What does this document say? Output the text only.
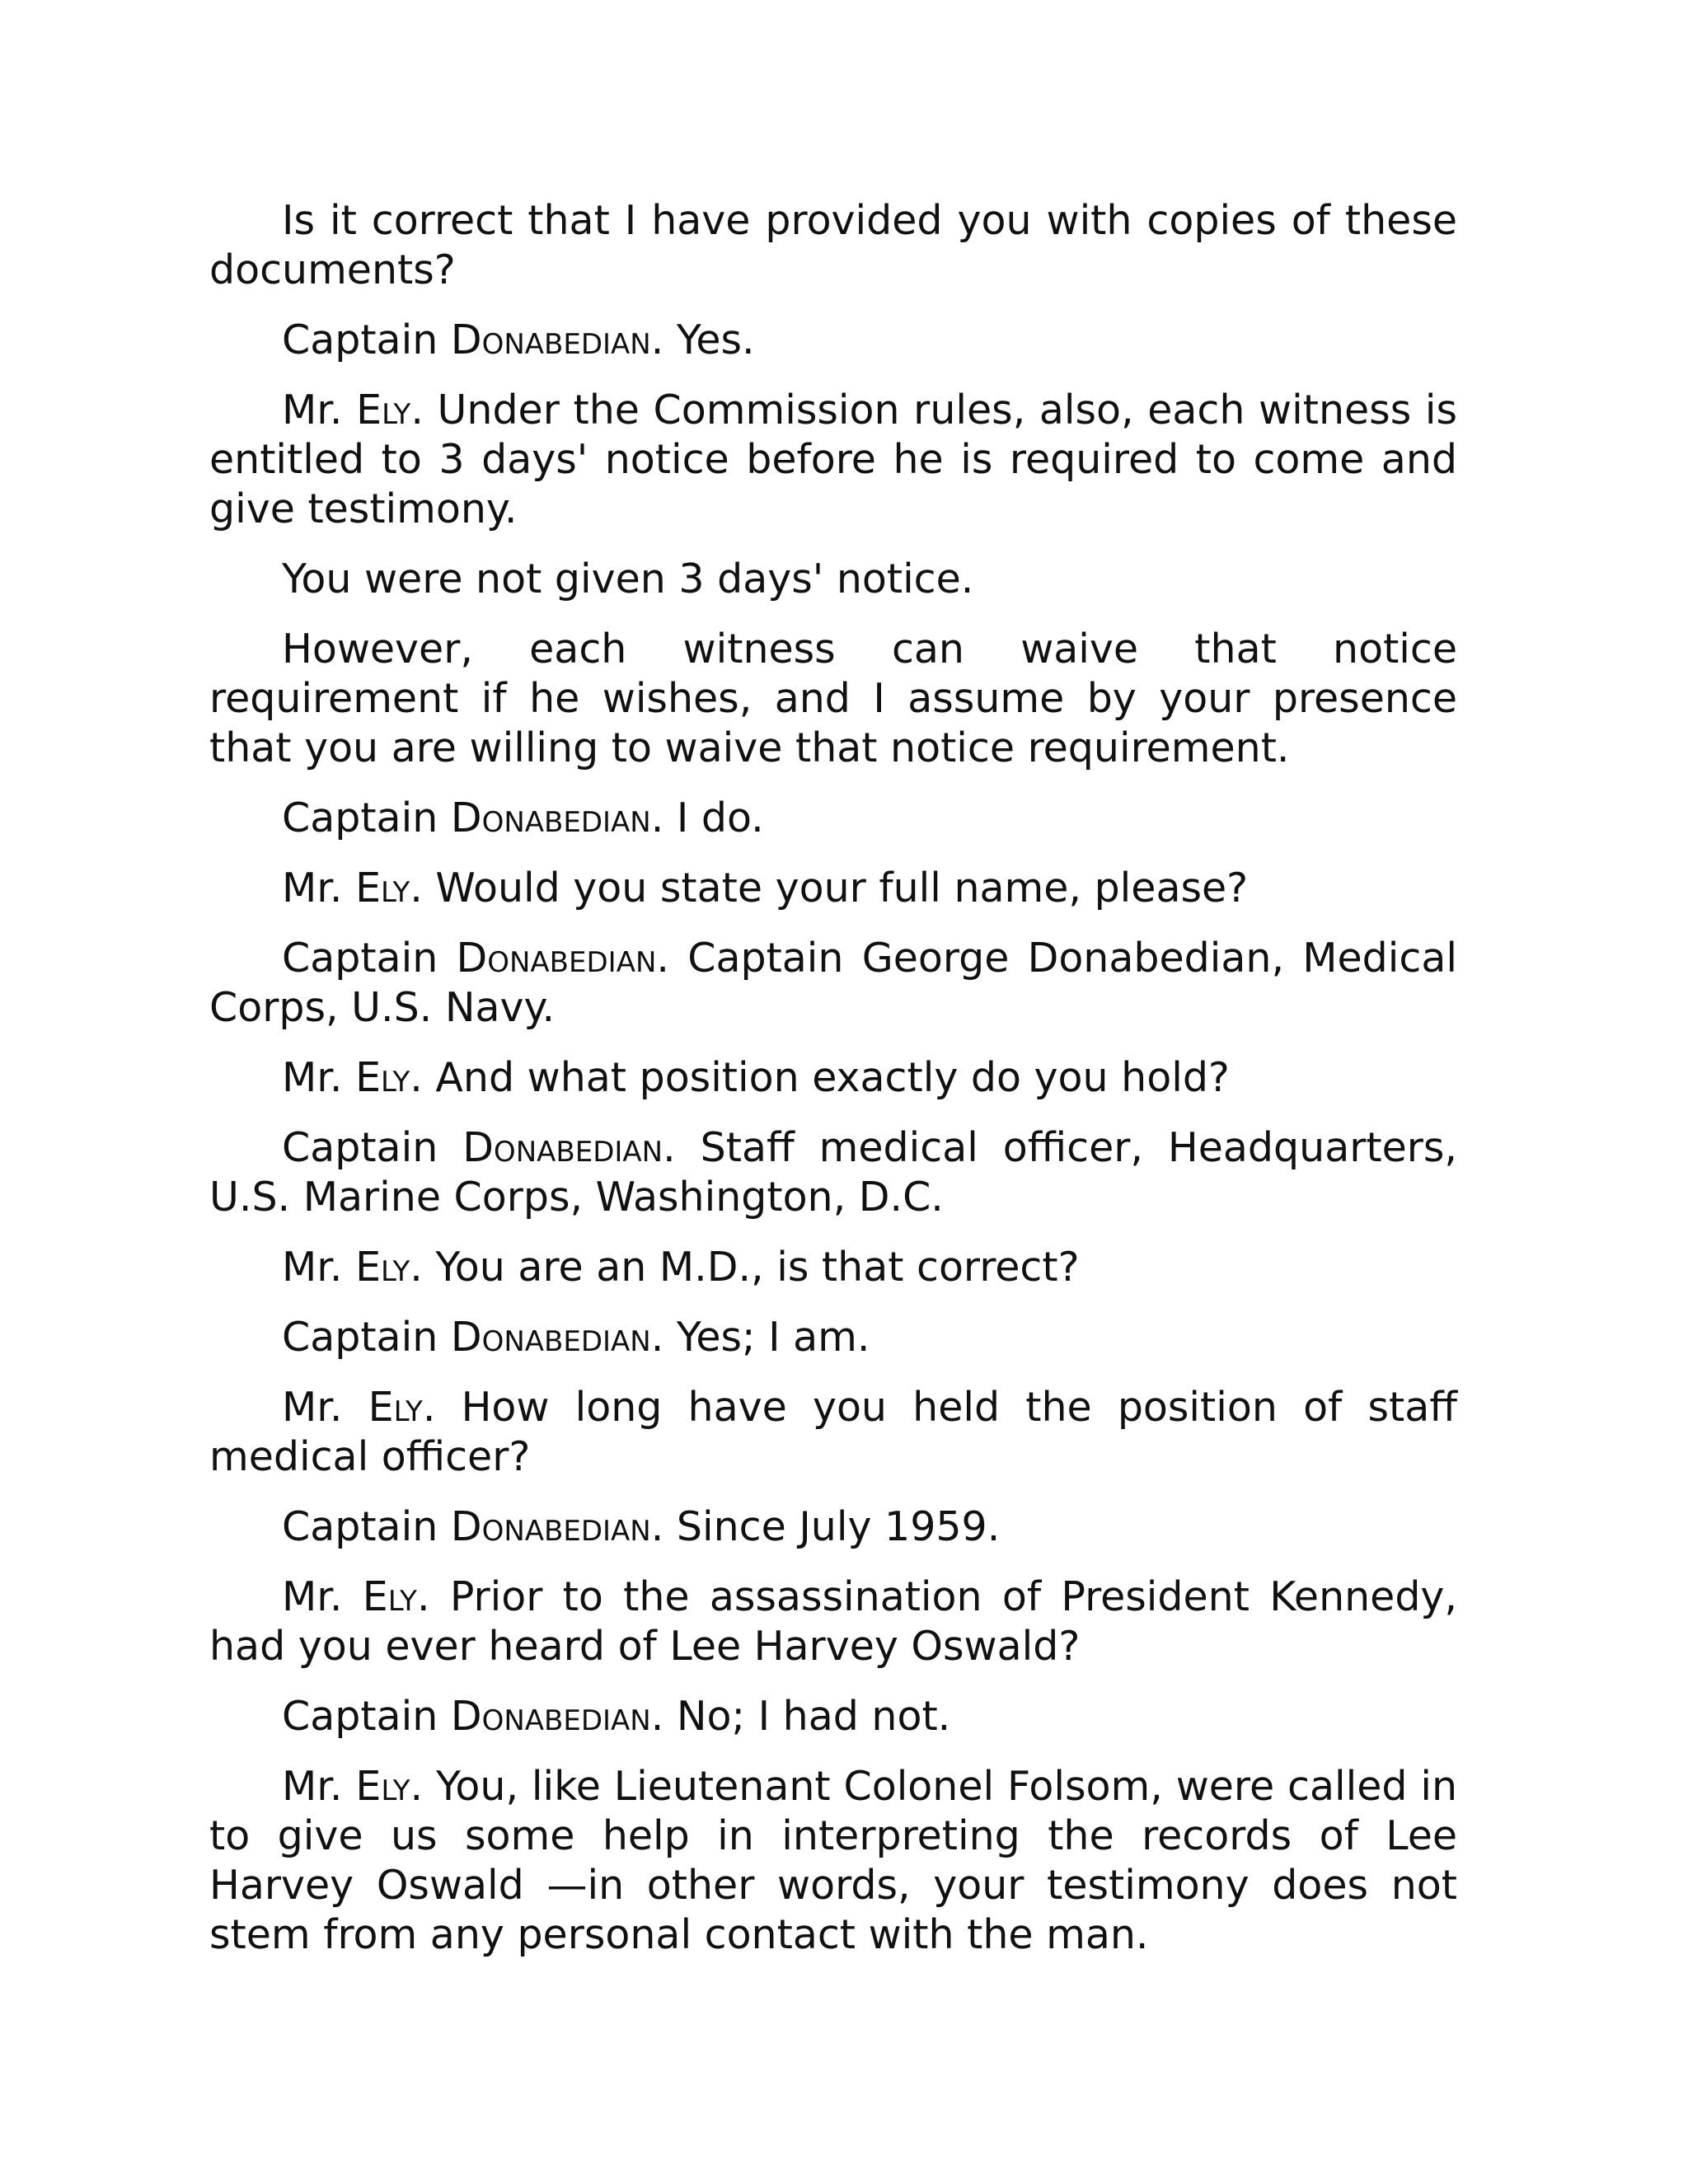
Is it correct that I have provided you with copies of these documents?

Captain Donabedian. Yes.

Mr. Ely. Under the Commission rules, also, each witness is entitled to 3 days' notice before he is required to come and give testimony.

You were not given 3 days' notice.

However, each witness can waive that notice requirement if he wishes, and I assume by your presence that you are willing to waive that notice requirement.

Captain Donabedian. I do.

Mr. Ely. Would you state your full name, please?

Captain Donabedian. Captain George Donabedian, Medical Corps, U.S. Navy.

Mr. Ely. And what position exactly do you hold?

Captain Donabedian. Staff medical officer, Headquarters, U.S. Marine Corps, Washington, D.C.

Mr. Ely. You are an M.D., is that correct?

Captain Donabedian. Yes; I am.

Mr. Ely. How long have you held the position of staff medical officer?

Captain Donabedian. Since July 1959.

Mr. Ely. Prior to the assassination of President Kennedy, had you ever heard of Lee Harvey Oswald?

Captain Donabedian. No; I had not.

Mr. Ely. You, like Lieutenant Colonel Folsom, were called in to give us some help in interpreting the records of Lee Harvey Oswald —in other words, your testimony does not stem from any personal contact with the man.
